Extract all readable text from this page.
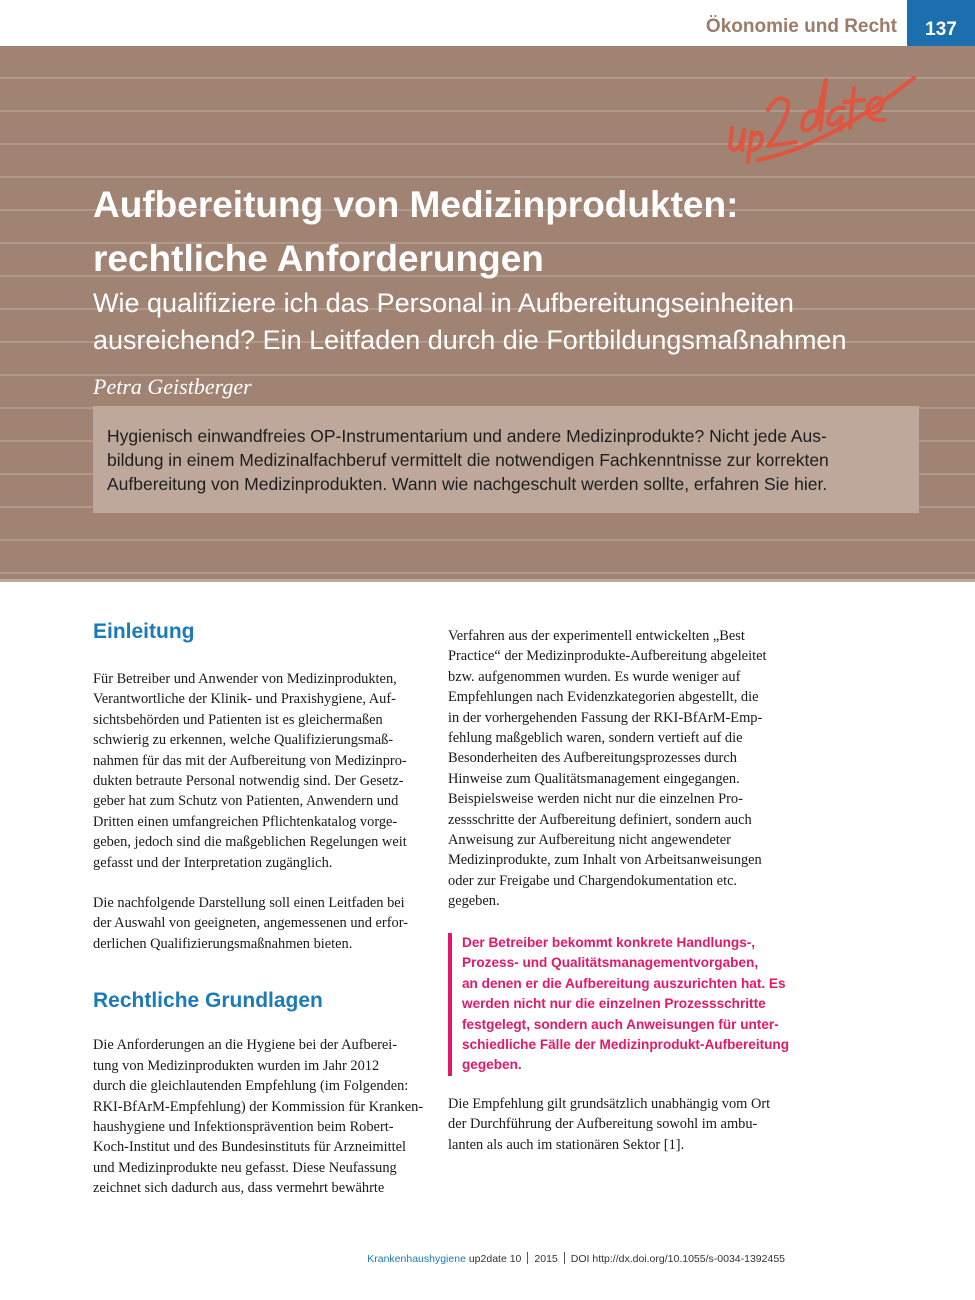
Ökonomie und Recht	137
Aufbereitung von Medizinprodukten:
rechtliche Anforderungen

Wie qualifiziere ich das Personal in Aufbereitungseinheiten
ausreichend? Ein Leitfaden durch die Fortbildungsmaßnahmen

Petra Geistberger

Hygienisch einwandfreies OP-Instrumentarium und andere Medizinprodukte? Nicht jede Aus-
bildung in einem Medizinalfachberuf vermittelt die notwendigen Fachkenntnisse zur korrekten
Aufbereitung von Medizinprodukten. Wann wie nachgeschult werden sollte, erfahren Sie hier.

Einleitung

Für Betreiber und Anwender von Medizinprodukten,
Verantwortliche der Klinik- und Praxishygiene, Auf-
sichtsbehörden und Patienten ist es gleichermaßen
schwierig zu erkennen, welche Qualifizierungsmaß-
nahmen für das mit der Aufbereitung von Medizinpro-
dukten betraute Personal notwendig sind. Der Gesetz-
geber hat zum Schutz von Patienten, Anwendern und
Dritten einen umfangreichen Pflichtenkatalog vorge-
geben, jedoch sind die maßgeblichen Regelungen weit
gefasst und der Interpretation zugänglich.

Die nachfolgende Darstellung soll einen Leitfaden bei
der Auswahl von geeigneten, angemessenen und erfor-
derlichen Qualifizierungsmaßnahmen bieten.

Rechtliche Grundlagen

Die Anforderungen an die Hygiene bei der Aufberei-
tung von Medizinprodukten wurden im Jahr 2012
durch die gleichlautenden Empfehlung (im Folgenden:
RKI-BfArM-Empfehlung) der Kommission für Kranken-
haushygiene und Infektionsprävention beim Robert-
Koch-Institut und des Bundesinstituts für Arzneimittel
und Medizinprodukte neu gefasst. Diese Neufassung
zeichnet sich dadurch aus, dass vermehrt bewährte

Verfahren aus der experimentell entwickelten „Best
Practice“ der Medizinprodukte-Aufbereitung abgeleitet
bzw. aufgenommen wurden. Es wurde weniger auf
Empfehlungen nach Evidenzkategorien abgestellt, die
in der vorhergehenden Fassung der RKI-BfArM-Emp-
fehlung maßgeblich waren, sondern vertieft auf die
Besonderheiten des Aufbereitungsprozesses durch
Hinweise zum Qualitätsmanagement eingegangen.
Beispielsweise werden nicht nur die einzelnen Pro-
zessschritte der Aufbereitung definiert, sondern auch
Anweisung zur Aufbereitung nicht angewendeter
Medizinprodukte, zum Inhalt von Arbeitsanweisungen
oder zur Freigabe und Chargendokumentation etc.
gegeben.

Der Betreiber bekommt konkrete Handlungs-,
Prozess- und Qualitätsmanagementvorgaben,
an denen er die Aufbereitung auszurichten hat. Es
werden nicht nur die einzelnen Prozessschritte
festgelegt, sondern auch Anweisungen für unter-
schiedliche Fälle der Medizinprodukt-Aufbereitung
gegeben.

Die Empfehlung gilt grundsätzlich unabhängig vom Ort
der Durchführung der Aufbereitung sowohl im ambu-
lanten als auch im stationären Sektor [1].

Krankenhaushygiene up2date 10 2015 DOI http://dx.doi.org/10.1055/s-0034-1392455
